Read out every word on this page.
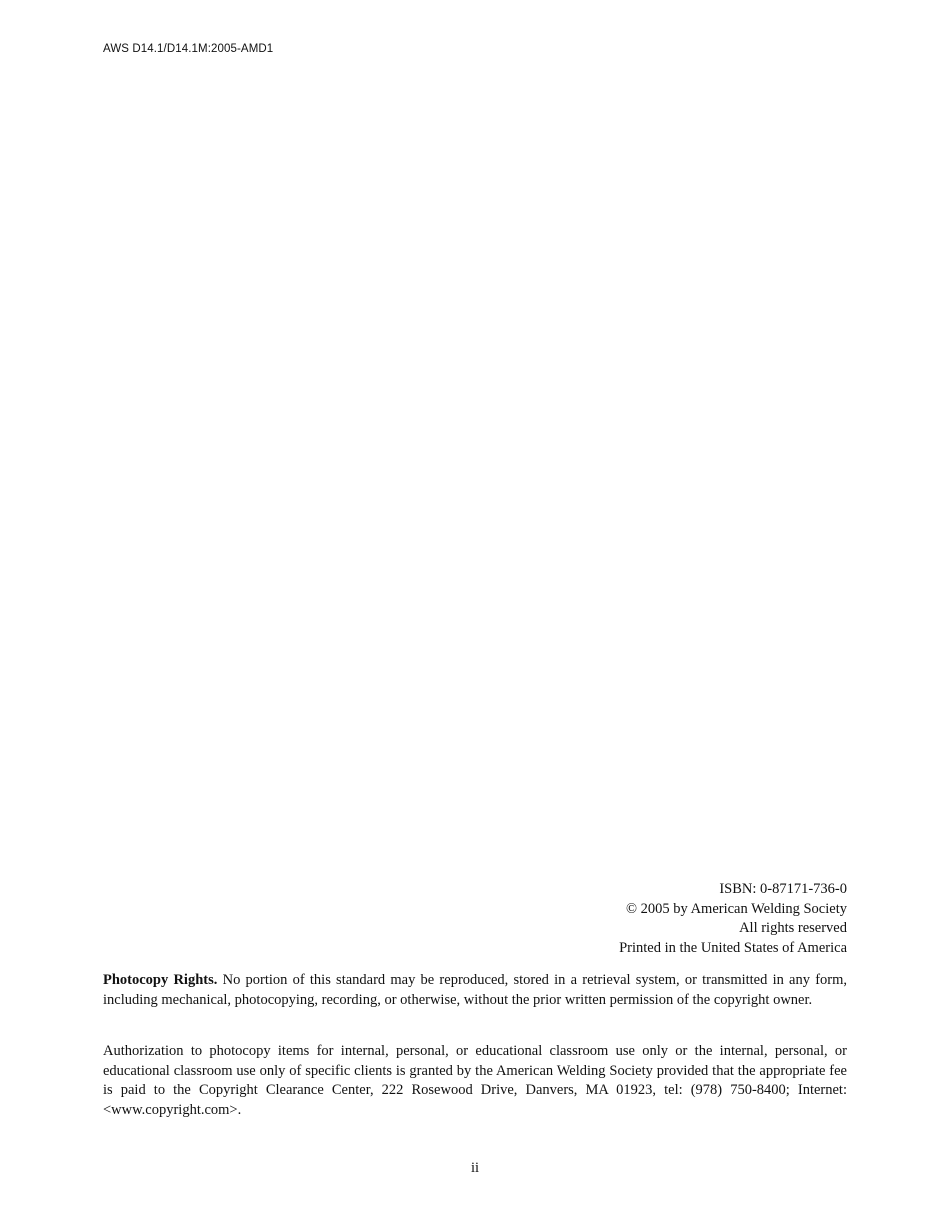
AWS D14.1/D14.1M:2005-AMD1
ISBN: 0-87171-736-0
© 2005 by American Welding Society
All rights reserved
Printed in the United States of America

Photocopy Rights. No portion of this standard may be reproduced, stored in a retrieval system, or transmitted in any form, including mechanical, photocopying, recording, or otherwise, without the prior written permission of the copyright owner.

Authorization to photocopy items for internal, personal, or educational classroom use only or the internal, personal, or educational classroom use only of specific clients is granted by the American Welding Society provided that the appropriate fee is paid to the Copyright Clearance Center, 222 Rosewood Drive, Danvers, MA 01923, tel: (978) 750-8400; Internet: <www.copyright.com>.

ii
